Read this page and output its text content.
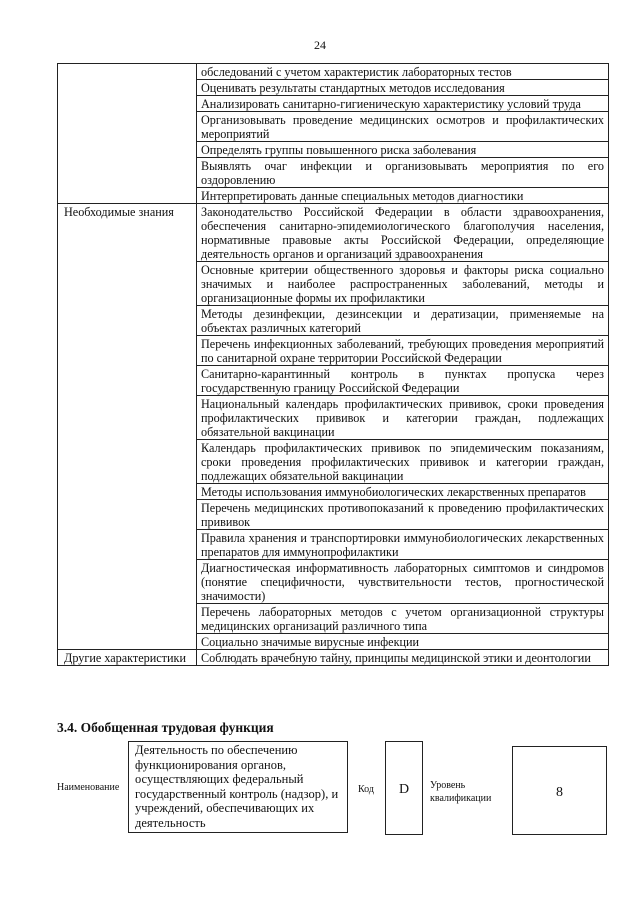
24
	обследований с учетом характеристик лабораторных тестов
	Оценивать результаты стандартных методов исследования
	Анализировать санитарно-гигиеническую характеристику условий труда
	Организовывать проведение медицинских осмотров и профилактических мероприятий
	Определять группы повышенного риска заболевания
	Выявлять очаг инфекции и организовывать мероприятия по его оздоровлению
	Интерпретировать данные специальных методов диагностики
Необходимые знания	Законодательство Российской Федерации в области здравоохранения, обеспечения санитарно-эпидемиологического благополучия населения, нормативные правовые акты Российской Федерации, определяющие деятельность органов и организаций здравоохранения
	Основные критерии общественного здоровья и факторы риска социально значимых и наиболее распространенных заболеваний, методы и организационные формы их профилактики
	Методы дезинфекции, дезинсекции и дератизации, применяемые на объектах различных категорий
	Перечень инфекционных заболеваний, требующих проведения мероприятий по санитарной охране территории Российской Федерации
	Санитарно-карантинный контроль в пунктах пропуска через государственную границу Российской Федерации
	Национальный календарь профилактических прививок, сроки проведения профилактических прививок и категории граждан, подлежащих обязательной вакцинации
	Календарь профилактических прививок по эпидемическим показаниям, сроки проведения профилактических прививок и категории граждан, подлежащих обязательной вакцинации
	Методы использования иммунобиологических лекарственных препаратов
	Перечень медицинских противопоказаний к проведению профилактических прививок
	Правила хранения и транспортировки иммунобиологических лекарственных препаратов для иммунопрофилактики
	Диагностическая информативность лабораторных симптомов и синдромов (понятие специфичности, чувствительности тестов, прогностической значимости)
	Перечень лабораторных методов с учетом организационной структуры медицинских организаций различного типа
	Социально значимые вирусные инфекции
Другие характеристики	Соблюдать врачебную тайну, принципы медицинской этики и деонтологии
3.4. Обобщенная трудовая функция
Наименование
Деятельность по обеспечению функционирования органов, осуществляющих федеральный государственный контроль (надзор), и учреждений, обеспечивающих их деятельность
Код	D	Уровень квалификации	8
